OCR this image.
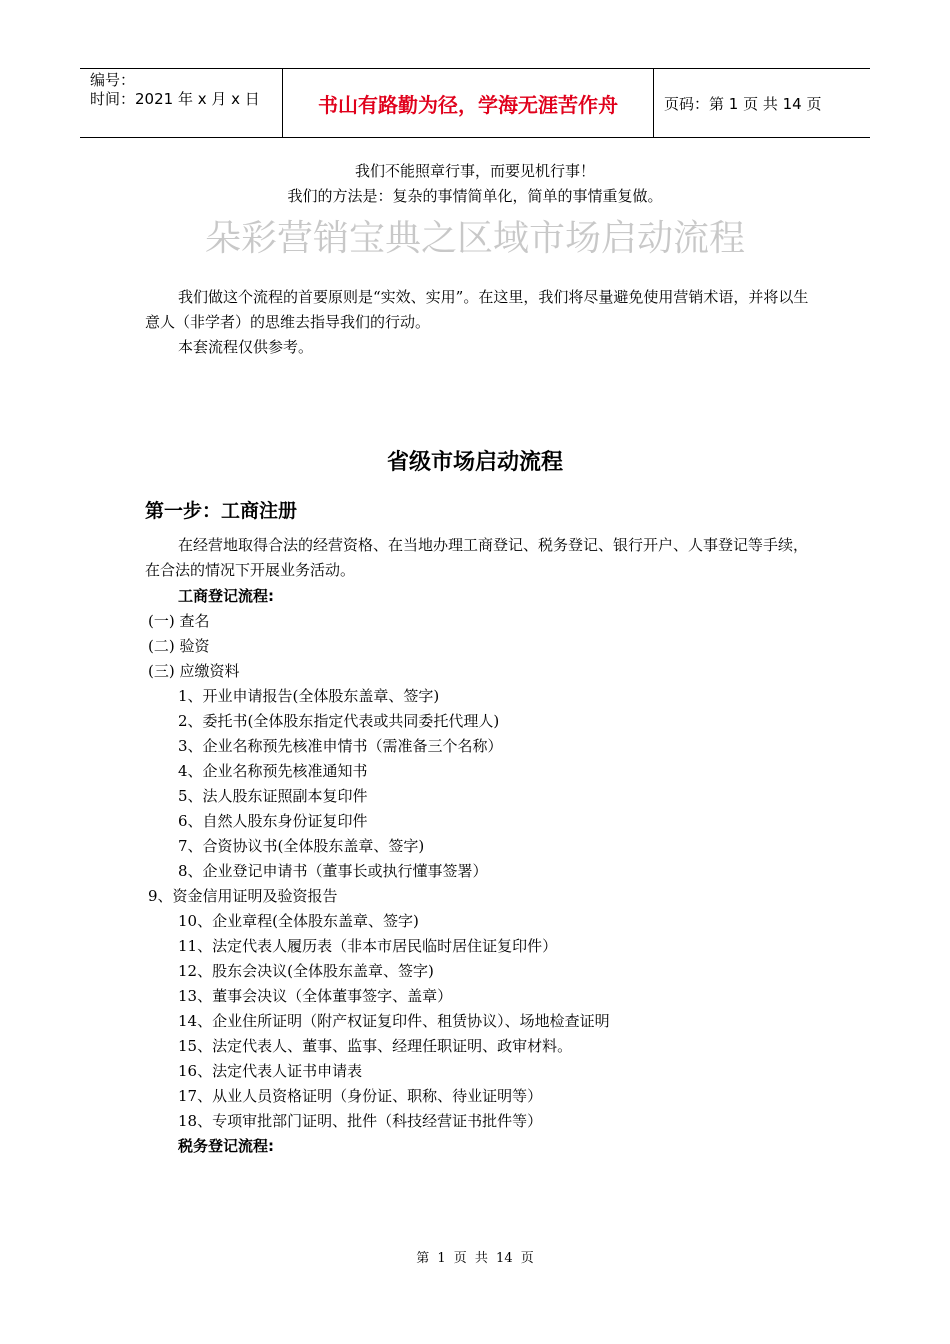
编号：
时间：2021 年 x 月 x 日	书山有路勤为径，学海无涯苦作舟	页码：第 1 页 共 14 页
我们不能照章行事，而要见机行事！
我们的方法是：复杂的事情简单化，简单的事情重复做。
朵彩营销宝典之区域市场启动流程
我们做这个流程的首要原则是“实效、实用”。在这里，我们将尽量避免使用营销术语，并将以生意人（非学者）的思维去指导我们的行动。
本套流程仅供参考。
省级市场启动流程
第一步：工商注册
在经营地取得合法的经营资格、在当地办理工商登记、税务登记、银行开户、人事登记等手续，在合法的情况下开展业务活动。
工商登记流程:
(一) 查名
(二) 验资
(三) 应缴资料
1、开业申请报告(全体股东盖章、签字)
2、委托书(全体股东指定代表或共同委托代理人)
3、企业名称预先核准申情书（需准备三个名称）
4、企业名称预先核准通知书
5、法人股东证照副本复印件
6、自然人股东身份证复印件
7、合资协议书(全体股东盖章、签字)
8、企业登记申请书（董事长或执行懂事签署）
9、资金信用证明及验资报告
10、企业章程(全体股东盖章、签字)
11、法定代表人履历表（非本市居民临时居住证复印件）
12、股东会决议(全体股东盖章、签字)
13、董事会决议（全体董事签字、盖章）
14、企业住所证明（附产权证复印件、租赁协议）、场地检查证明
15、法定代表人、董事、监事、经理任职证明、政审材料。
16、法定代表人证书申请表
17、从业人员资格证明（身份证、职称、待业证明等）
18、专项审批部门证明、批件（科技经营证书批件等）
税务登记流程:
第 1 页 共 14 页
